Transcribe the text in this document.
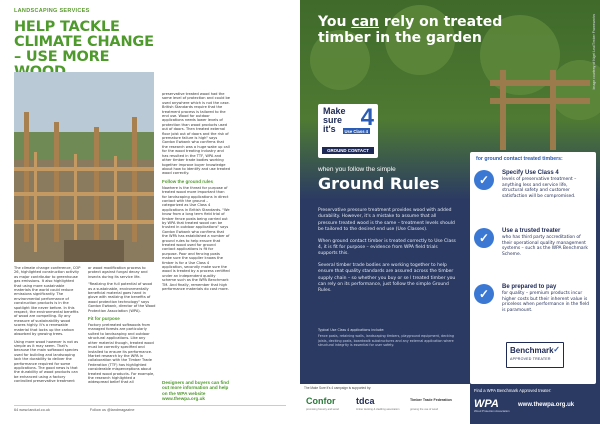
LANDSCAPING SERVICES
HELP TACKLE CLIMATE CHANGE – USE MORE

The climate change conference, COP 26, highlighted construction activity as major contributor to greenhouse gas emissions. It also highlighted that using more sustainable materials the world could reduce emissions significantly. The environmental performance of construction products is in the spotlight like never before. In this respect, the environmental benefits of wood are compelling. By any measure of sustainability wood scores highly. It's a renewable material that locks up the carbon absorbed by growing trees.

Using more wood however is not as simple as it may seem. That's because the main softwood species used for building and landscaping lack the durability to deliver the performance required for some applications. The good news is that the durability of wood products can be enhanced using a factory controlled preservative treatment

or wood modification process to protect against fungal decay and insects during its service life.

"Realizing the full potential of wood as a sustainable, environmentally beneficial material goes hand in glove with realizing the benefits of wood protection technology" says Gordon Ewbank, director of the Wood Protection Association (WPA).

Fit for purpose

Factory pretreated softwoods from managed forests are particularly suited to landscaping and outdoor structural applications. Like any other material though, treated wood must be correctly specified and installed to ensure its performance. Market research by the WPA in collaboration with the Timber Trade Federation (TTF) has highlighted considerable misperceptions about treated wood products. For example, the research highlighted a widespread belief that all

preservative treated wood had the same level of protection and could be used anywhere which is not the case. British Standards require that the treatment process is tailored to the end use. Wood for outdoor applications needs lower levels of protection than wood products used out of doors. Then treated external floor joist out of doors and the risk of premature failure is high" says Gordon Ewbank who confirms that the research was a huge wake up call for the wood treating industry and has resulted in the TTF, WPA and other timber trade bodies working together improve buyer knowledge about how to identify and use treated wood correctly.

Follow the ground rules

Nowhere is the threat for purpose of treated wood more important than for landscaping applications in direct contact with the ground – categorized as Use Class 4 applications in British Standards. "We know from a long term field trial of timber fence posts being carried out by WPA that treated wood can be trusted in outdoor applications" says Gordon Ewbank who confirms that the WPA has established a number of ground rules to help ensure that treated wood used for ground contact applications is fit for purpose. Poor and fencing posts make sure the supplier knows the timber is for a Use Class 4 application, secondly make sure the wood is treated by a process certified under an independent quality scheme such as the WPA Benchmark TM. And finally, remember that high performance materials do cost more.

Designers and buyers can find out more information and help on the WPA website www.thewpa.org.uk
64 www.landud.co.uk	Follow us @landmagazine
You can rely on treated timber in the garden	Image courtesy of Nigel Lea/Timber Frameworks
Make
sure
it's	Use Class 4
4
GROUND CONTACT
when you follow the simple
Ground Rules

Preservative pressure treatment provides wood with added durability. However, it's a mistake to assume that all pressure treated wood is the same – treatment levels should be tailored to the desired end use (Use Classes).

When ground contact timber is treated correctly to Use Class 4, it is fit for purpose – evidence from WPA field trials supports this.

Several timber trade bodies are working together to help ensure that quality standards are assured across the timber supply chain – so whether you buy or se l treated timber you can rely on its performance, just follow the simple Ground Rules.

Typical Use Class 4 applications include:
Fence posts, retaining walls, landscaping timbers, playground equipment, decking joists, decking posts, boardwalk substructures and any external application where structural integrity is essential for user safety.
for ground contact treated timbers:
✓	Specify Use Class 4
levels of preservative treatment – anything less and service life, structural safety and customer satisfaction will be compromised.
✓	Use a trusted treater
who has third party accreditation of their operational quality management systems – such as the WPA Benchmark Scheme.
✓	Be prepared to pay
for quality – premium products incur higher costs but their inherent value is priceless when performance in the field is paramount.
Benchmark
APPROVED TREATER
✓
Find a WPA Benchmark Approved treater:
WPA
Wood Protection Association
www.thewpa.org.uk
The Make Sure it's 4 campaign is supported by:
Confor
promoting forestry and wood
tdca
timber decking & cladding association
Timber Trade Federation
growing the use of wood
